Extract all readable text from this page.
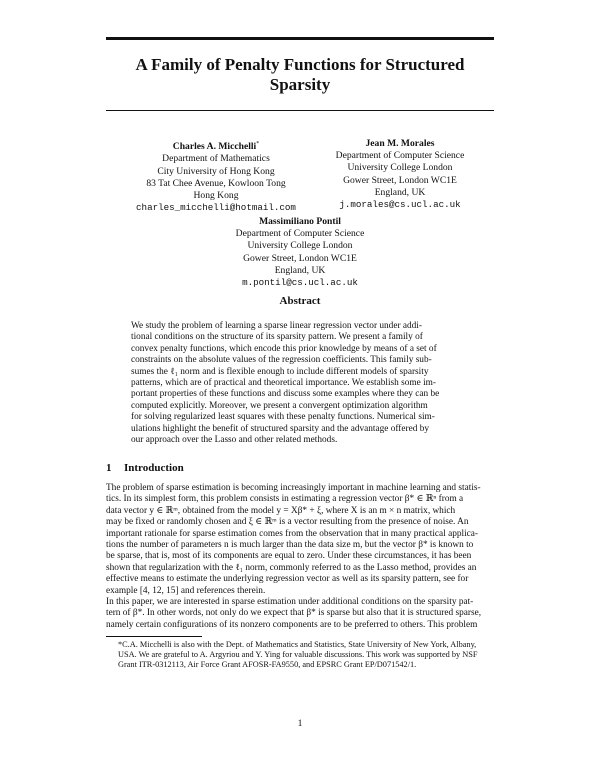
A Family of Penalty Functions for Structured
Sparsity
Charles A. Micchelli*
Department of Mathematics
City University of Hong Kong
83 Tat Chee Avenue, Kowloon Tong
Hong Kong
charles_micchelli@hotmail.com
Jean M. Morales
Department of Computer Science
University College London
Gower Street, London WC1E
England, UK
j.morales@cs.ucl.ac.uk
Massimiliano Pontil
Department of Computer Science
University College London
Gower Street, London WC1E
England, UK
m.pontil@cs.ucl.ac.uk
Abstract
We study the problem of learning a sparse linear regression vector under addi-
tional conditions on the structure of its sparsity pattern. We present a family of
convex penalty functions, which encode this prior knowledge by means of a set of
constraints on the absolute values of the regression coefficients. This family sub-
sumes the ℓ₁ norm and is flexible enough to include different models of sparsity
patterns, which are of practical and theoretical importance. We establish some im-
portant properties of these functions and discuss some examples where they can be
computed explicitly. Moreover, we present a convergent optimization algorithm
for solving regularized least squares with these penalty functions. Numerical sim-
ulations highlight the benefit of structured sparsity and the advantage offered by
our approach over the Lasso and other related methods.
1 Introduction
The problem of sparse estimation is becoming increasingly important in machine learning and statis-
tics. In its simplest form, this problem consists in estimating a regression vector β* ∈ ℝⁿ from a
data vector y ∈ ℝᵐ, obtained from the model y = Xβ* + ξ, where X is an m × n matrix, which
may be fixed or randomly chosen and ξ ∈ ℝᵐ is a vector resulting from the presence of noise. An
important rationale for sparse estimation comes from the observation that in many practical applica-
tions the number of parameters n is much larger than the data size m, but the vector β* is known to
be sparse, that is, most of its components are equal to zero. Under these circumstances, it has been
shown that regularization with the ℓ₁ norm, commonly referred to as the Lasso method, provides an
effective means to estimate the underlying regression vector as well as its sparsity pattern, see for
example [4, 12, 15] and references therein.
In this paper, we are interested in sparse estimation under additional conditions on the sparsity pat-
tern of β*. In other words, not only do we expect that β* is sparse but also that it is structured sparse,
namely certain configurations of its nonzero components are to be preferred to others. This problem
*C.A. Micchelli is also with the Dept. of Mathematics and Statistics, State University of New York, Albany,
USA. We are grateful to A. Argyriou and Y. Ying for valuable discussions. This work was supported by NSF
Grant ITR-0312113, Air Force Grant AFOSR-FA9550, and EPSRC Grant EP/D071542/1.
1
